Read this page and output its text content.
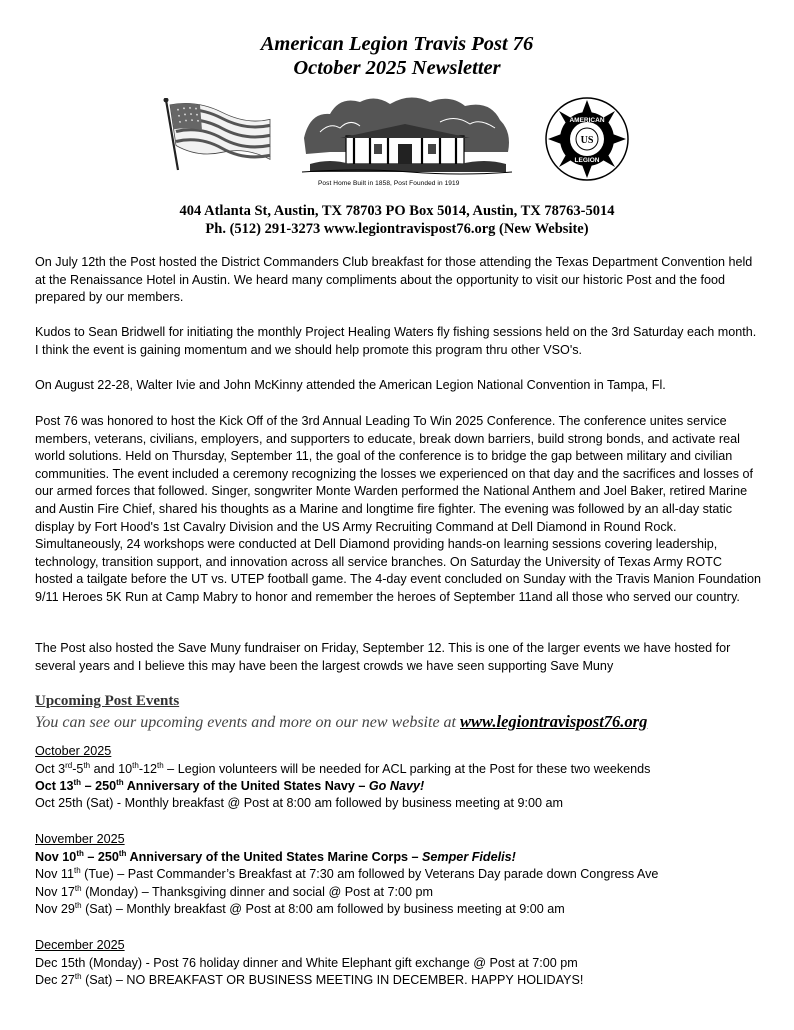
American Legion Travis Post 76
October 2025 Newsletter
Post Home Built in 1858, Post Founded in 1919
US
AMERICAN
LEGION
404 Atlanta St, Austin, TX 78703 PO Box 5014, Austin, TX 78763-5014
Ph. (512) 291-3273 www.legiontravispost76.org (New Website)

On July 12th the Post hosted the District Commanders Club breakfast for those attending the Texas Department Convention held at the Renaissance Hotel in Austin. We heard many compliments about the opportunity to visit our historic Post and the food prepared by our members.

Kudos to Sean Bridwell for initiating the monthly Project Healing Waters fly fishing sessions held on the 3rd Saturday each month. I think the event is gaining momentum and we should help promote this program thru other VSO's.

On August 22-28, Walter Ivie and John McKinny attended the American Legion National Convention in Tampa, Fl.

Post 76 was honored to host the Kick Off of the 3rd Annual Leading To Win 2025 Conference. The conference unites service members, veterans, civilians, employers, and supporters to educate, break down barriers, build strong bonds, and activate real world solutions. Held on Thursday, September 11, the goal of the conference is to bridge the gap between military and civilian communities. The event included a ceremony recognizing the losses we experienced on that day and the sacrifices and losses of our armed forces that followed. Singer, songwriter Monte Warden performed the National Anthem and Joel Baker, retired Marine and Austin Fire Chief, shared his thoughts as a Marine and longtime fire fighter. The evening was followed by an all-day static display by Fort Hood's 1st Cavalry Division and the US Army Recruiting Command at Dell Diamond in Round Rock. Simultaneously, 24 workshops were conducted at Dell Diamond providing hands-on learning sessions covering leadership, technology, transition support, and innovation across all service branches. On Saturday the University of Texas Army ROTC hosted a tailgate before the UT vs. UTEP football game. The 4-day event concluded on Sunday with the Travis Manion Foundation 9/11 Heroes 5K Run at Camp Mabry to honor and remember the heroes of September 11and all those who served our country.

The Post also hosted the Save Muny fundraiser on Friday, September 12. This is one of the larger events we have hosted for several years and I believe this may have been the largest crowds we have seen supporting Save Muny

Upcoming Post Events
You can see our upcoming events and more on our new website at www.legiontravispost76.org
October 2025
Oct 3rd-5th and 10th-12th – Legion volunteers will be needed for ACL parking at the Post for these two weekends
Oct 13th – 250th Anniversary of the United States Navy – Go Navy!
Oct 25th (Sat) - Monthly breakfast @ Post at 8:00 am followed by business meeting at 9:00 am
November 2025
Nov 10th – 250th Anniversary of the United States Marine Corps – Semper Fidelis!
Nov 11th (Tue) – Past Commander’s Breakfast at 7:30 am followed by Veterans Day parade down Congress Ave
Nov 17th (Monday) – Thanksgiving dinner and social @ Post at 7:00 pm
Nov 29th (Sat) – Monthly breakfast @ Post at 8:00 am followed by business meeting at 9:00 am
December 2025
Dec 15th (Monday) - Post 76 holiday dinner and White Elephant gift exchange @ Post at 7:00 pm
Dec 27th (Sat) – NO BREAKFAST OR BUSINESS MEETING IN DECEMBER. HAPPY HOLIDAYS!
